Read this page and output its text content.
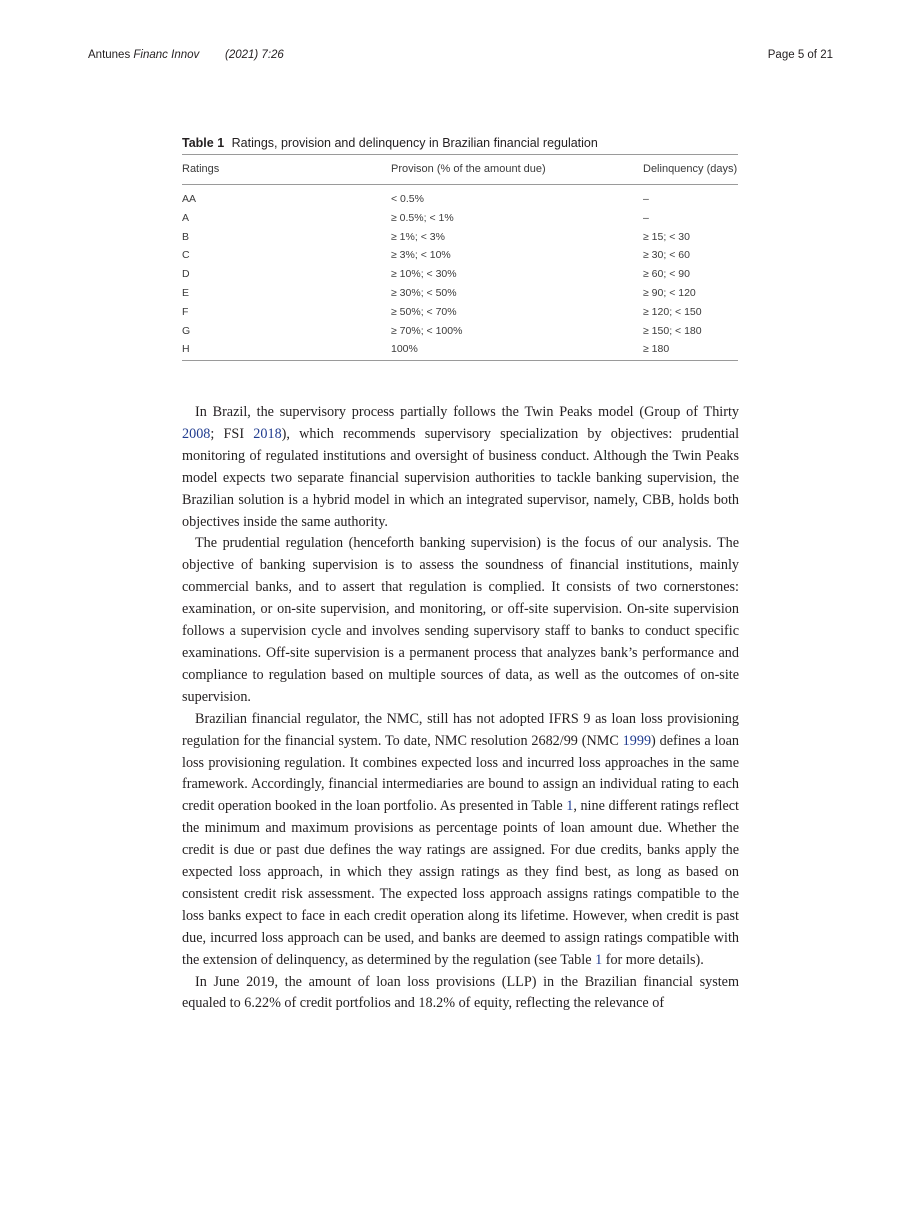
Antunes Financ Innov (2021) 7:26	Page 5 of 21
Table 1 Ratings, provision and delinquency in Brazilian financial regulation
Ratings	Provison (% of the amount due)	Delinquency (days)
AA	< 0.5%	–
A	≥ 0.5%; < 1%	–
B	≥ 1%; < 3%	≥ 15; < 30
C	≥ 3%; < 10%	≥ 30; < 60
D	≥ 10%; < 30%	≥ 60; < 90
E	≥ 30%; < 50%	≥ 90; < 120
F	≥ 50%; < 70%	≥ 120; < 150
G	≥ 70%; < 100%	≥ 150; < 180
H	100%	≥ 180

In Brazil, the supervisory process partially follows the Twin Peaks model (Group of Thirty 2008; FSI 2018), which recommends supervisory specialization by objectives: prudential monitoring of regulated institutions and oversight of business conduct. Although the Twin Peaks model expects two separate financial supervision authorities to tackle banking supervision, the Brazilian solution is a hybrid model in which an integrated supervisor, namely, CBB, holds both objectives inside the same authority.

The prudential regulation (henceforth banking supervision) is the focus of our analysis. The objective of banking supervision is to assess the soundness of financial institutions, mainly commercial banks, and to assert that regulation is complied. It consists of two cornerstones: examination, or on-site supervision, and monitoring, or off-site supervision. On-site supervision follows a supervision cycle and involves sending supervisory staff to banks to conduct specific examinations. Off-site supervision is a permanent process that analyzes bank’s performance and compliance to regulation based on multiple sources of data, as well as the outcomes of on-site supervision.

Brazilian financial regulator, the NMC, still has not adopted IFRS 9 as loan loss provisioning regulation for the financial system. To date, NMC resolution 2682/99 (NMC 1999) defines a loan loss provisioning regulation. It combines expected loss and incurred loss approaches in the same framework. Accordingly, financial intermediaries are bound to assign an individual rating to each credit operation booked in the loan portfolio. As presented in Table 1, nine different ratings reflect the minimum and maximum provisions as percentage points of loan amount due. Whether the credit is due or past due defines the way ratings are assigned. For due credits, banks apply the expected loss approach, in which they assign ratings as they find best, as long as based on consistent credit risk assessment. The expected loss approach assigns ratings compatible to the loss banks expect to face in each credit operation along its lifetime. However, when credit is past due, incurred loss approach can be used, and banks are deemed to assign ratings compatible with the extension of delinquency, as determined by the regulation (see Table 1 for more details).

In June 2019, the amount of loan loss provisions (LLP) in the Brazilian financial system equaled to 6.22% of credit portfolios and 18.2% of equity, reflecting the relevance of
